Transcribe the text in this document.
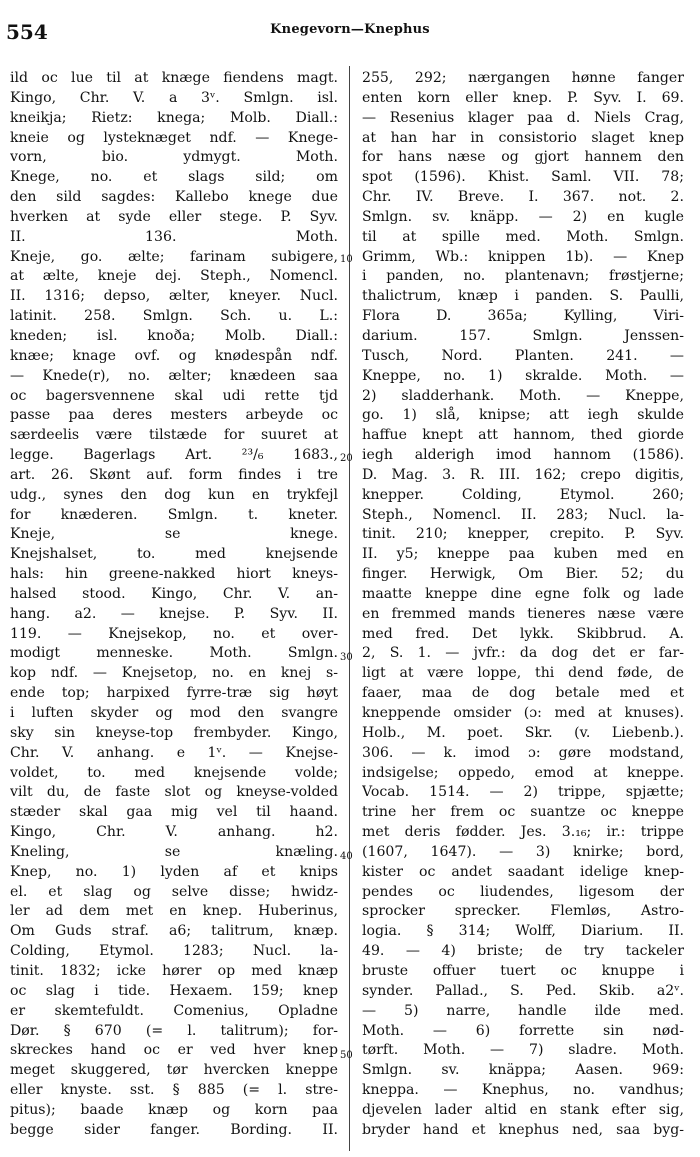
554	Knegevorn—Knephus
ild oc lue til at knæge fiendens magt.
Kingo, Chr. V. a 3ᵛ. Smlgn. isl.
kneikja; Rietz: knega; Molb. Diall.:
kneie og lysteknæget ndf. — Knege-
vorn, bio. ydmygt. Moth.
Knege, no. et slags sild; om
den sild sagdes: Kallebo knege due
hverken at syde eller stege. P. Syv.
II. 136. Moth.
Kneje, go. ælte; farinam subigere,
at ælte, kneje dej. Steph., Nomencl.
II. 1316; depso, ælter, kneyer. Nucl.
latinit. 258. Smlgn. Sch. u. L.:
kneden; isl. knoða; Molb. Diall.:
knæe; knage ovf. og knødespån ndf.
— Knede(r), no. ælter; knædeen saa
oc bagersvennene skal udi rette tjd
passe paa deres mesters arbeyde oc
særdeelis være tilstæde for suuret at
legge. Bagerlags Art. ²³/₆ 1683.,
art. 26. Skønt auf. form findes i tre
udg., synes den dog kun en trykfejl
for knæderen. Smlgn. t. kneter.
Kneje, se knege.
Knejshalset, to. med knejsende
hals: hin greene-nakked hiort kneys-
halsed stood. Kingo, Chr. V. an-
hang. a2. — knejse. P. Syv. II.
119. — Knejsekop, no. et over-
modigt menneske. Moth. Smlgn.
kop ndf. — Knejsetop, no. en knej s-
ende top; harpixed fyrre-træ sig høyt
i luften skyder og mod den svangre
sky sin kneyse-top frembyder. Kingo,
Chr. V. anhang. e 1ᵛ. — Knejse-
voldet, to. med knejsende volde;
vilt du, de faste slot og kneyse-volded
stæder skal gaa mig vel til haand.
Kingo, Chr. V. anhang. h2.
Kneling, se knæling.
Knep, no. 1) lyden af et knips
el. et slag og selve disse; hwidz-
ler ad dem met en knep. Huberinus,
Om Guds straf. a6; talitrum, knæp.
Colding, Etymol. 1283; Nucl. la-
tinit. 1832; icke hører op med knæp
oc slag i tide. Hexaem. 159; knep
er skemtefuldt. Comenius, Opladne
Dør. § 670 (= l. talitrum); for-
skreckes hand oc er ved hver knep
meget skuggered, tør hvercken kneppe
eller knyste. sst. § 885 (= l. stre-
pitus); baade knæp og korn paa
begge sider fanger. Bording. II.
255, 292; nærgangen hønne fanger
enten korn eller knep. P. Syv. I. 69.
— Resenius klager paa d. Niels Crag,
at han har in consistorio slaget knep
for hans næse og gjort hannem den
spot (1596). Khist. Saml. VII. 78;
Chr. IV. Breve. I. 367. not. 2.
Smlgn. sv. knäpp. — 2) en kugle
til at spille med. Moth. Smlgn.
Grimm, Wb.: knippen 1b). — Knep
i panden, no. plantenavn; frøstjerne;
thalictrum, knæp i panden. S. Paulli,
Flora D. 365a; Kylling, Viri-
darium. 157. Smlgn. Jenssen-
Tusch, Nord. Planten. 241. —
Kneppe, no. 1) skralde. Moth. —
2) sladderhank. Moth. — Kneppe,
go. 1) slå, knipse; att iegh skulde
haffue knept att hannom, thed giorde
iegh alderigh imod hannom (1586).
D. Mag. 3. R. III. 162; crepo digitis,
knepper. Colding, Etymol. 260;
Steph., Nomencl. II. 283; Nucl. la-
tinit. 210; knepper, crepito. P. Syv.
II. y5; kneppe paa kuben med en
finger. Herwigk, Om Bier. 52; du
maatte kneppe dine egne folk og lade
en fremmed mands tieneres næse være
med fred. Det lykk. Skibbrud. A.
2, S. 1. — jvfr.: da dog det er far-
ligt at være loppe, thi dend føde, de
faaer, maa de dog betale med et
kneppende omsider (ɔ: med at knuses).
Holb., M. poet. Skr. (v. Liebenb.).
306. — k. imod ɔ: gøre modstand,
indsigelse; oppedo, emod at kneppe.
Vocab. 1514. — 2) trippe, spjætte;
trine her frem oc suantze oc kneppe
met deris fødder. Jes. 3.₁₆; ir.: trippe
(1607, 1647). — 3) knirke; bord,
kister oc andet saadant idelige knep-
pendes oc liudendes, ligesom der
sprocker sprecker. Flemløs, Astro-
logia. § 314; Wolff, Diarium. II.
49. — 4) briste; de try tackeler
bruste offuer tuert oc knuppe i
synder. Pallad., S. Ped. Skib. a2ᵛ.
— 5) narre, handle ilde med.
Moth. — 6) forrette sin nød-
tørft. Moth. — 7) sladre. Moth.
Smlgn. sv. knäppa; Aasen. 969:
kneppa. — Knephus, no. vandhus;
djevelen lader altid en stank efter sig,
bryder hand et knephus ned, saa byg-
10
20
30
40
50
